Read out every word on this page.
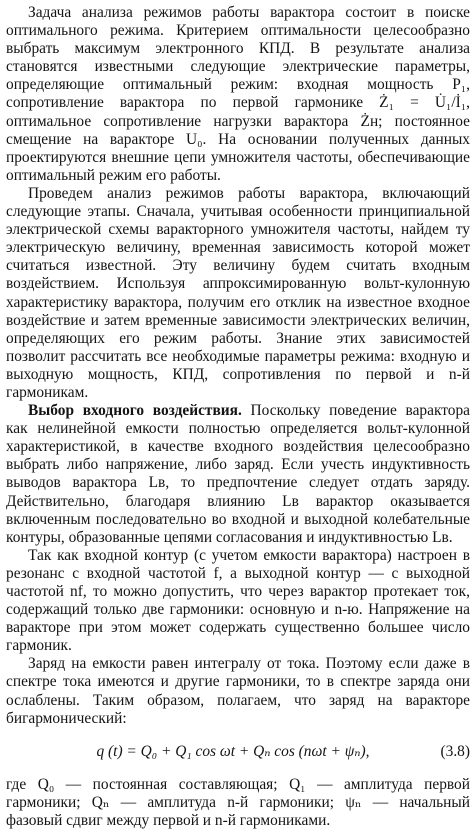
Задача анализа режимов работы варактора состоит в поиске оптимального режима. Критерием оптимальности целесообразно выбрать максимум электронного КПД. В результате анализа становятся известными следующие электрические параметры, определяющие оптимальный режим: входная мощность P₁, сопротивление варактора по первой гармонике Ż₁ = U̇₁/İ₁, оптимальное сопротивление нагрузки варактора Żн; постоянное смещение на варакторе U₀. На основании полученных данных проектируются внешние цепи умножителя частоты, обеспечивающие оптимальный режим его работы.

Проведем анализ режимов работы варактора, включающий следующие этапы. Сначала, учитывая особенности принципиальной электрической схемы варакторного умножителя частоты, найдем ту электрическую величину, временная зависимость которой может считаться известной. Эту величину будем считать входным воздействием. Используя аппроксимированную вольт-кулонную характеристику варактора, получим его отклик на известное входное воздействие и затем временные зависимости электрических величин, определяющих его режим работы. Знание этих зависимостей позволит рассчитать все необходимые параметры режима: входную и выходную мощность, КПД, сопротивления по первой и n-й гармоникам.

Выбор входного воздействия. Поскольку поведение варактора как нелинейной емкости полностью определяется вольт-кулонной характеристикой, в качестве входного воздействия целесообразно выбрать либо напряжение, либо заряд. Если учесть индуктивность выводов варактора Lв, то предпочтение следует отдать заряду. Действительно, благодаря влиянию Lв варактор оказывается включенным последовательно во входной и выходной колебательные контуры, образованные цепями согласования и индуктивностью Lв.

Так как входной контур (с учетом емкости варактора) настроен в резонанс с входной частотой f, а выходной контур — с выходной частотой nf, то можно допустить, что через варактор протекает ток, содержащий только две гармоники: основную и n-ю. Напряжение на варакторе при этом может содержать существенно большее число гармоник.

Заряд на емкости равен интегралу от тока. Поэтому если даже в спектре тока имеются и другие гармоники, то в спектре заряда они ослаблены. Таким образом, полагаем, что заряд на варакторе бигармонический:

q (t) = Q₀ + Q₁ cos ωt + Qₙ cos (nωt + ψₙ),	(3.8)

где Q₀ — постоянная составляющая; Q₁ — амплитуда первой гармоники; Qₙ — амплитуда n-й гармоники; ψₙ — начальный фазовый сдвиг между первой и n-й гармониками.
